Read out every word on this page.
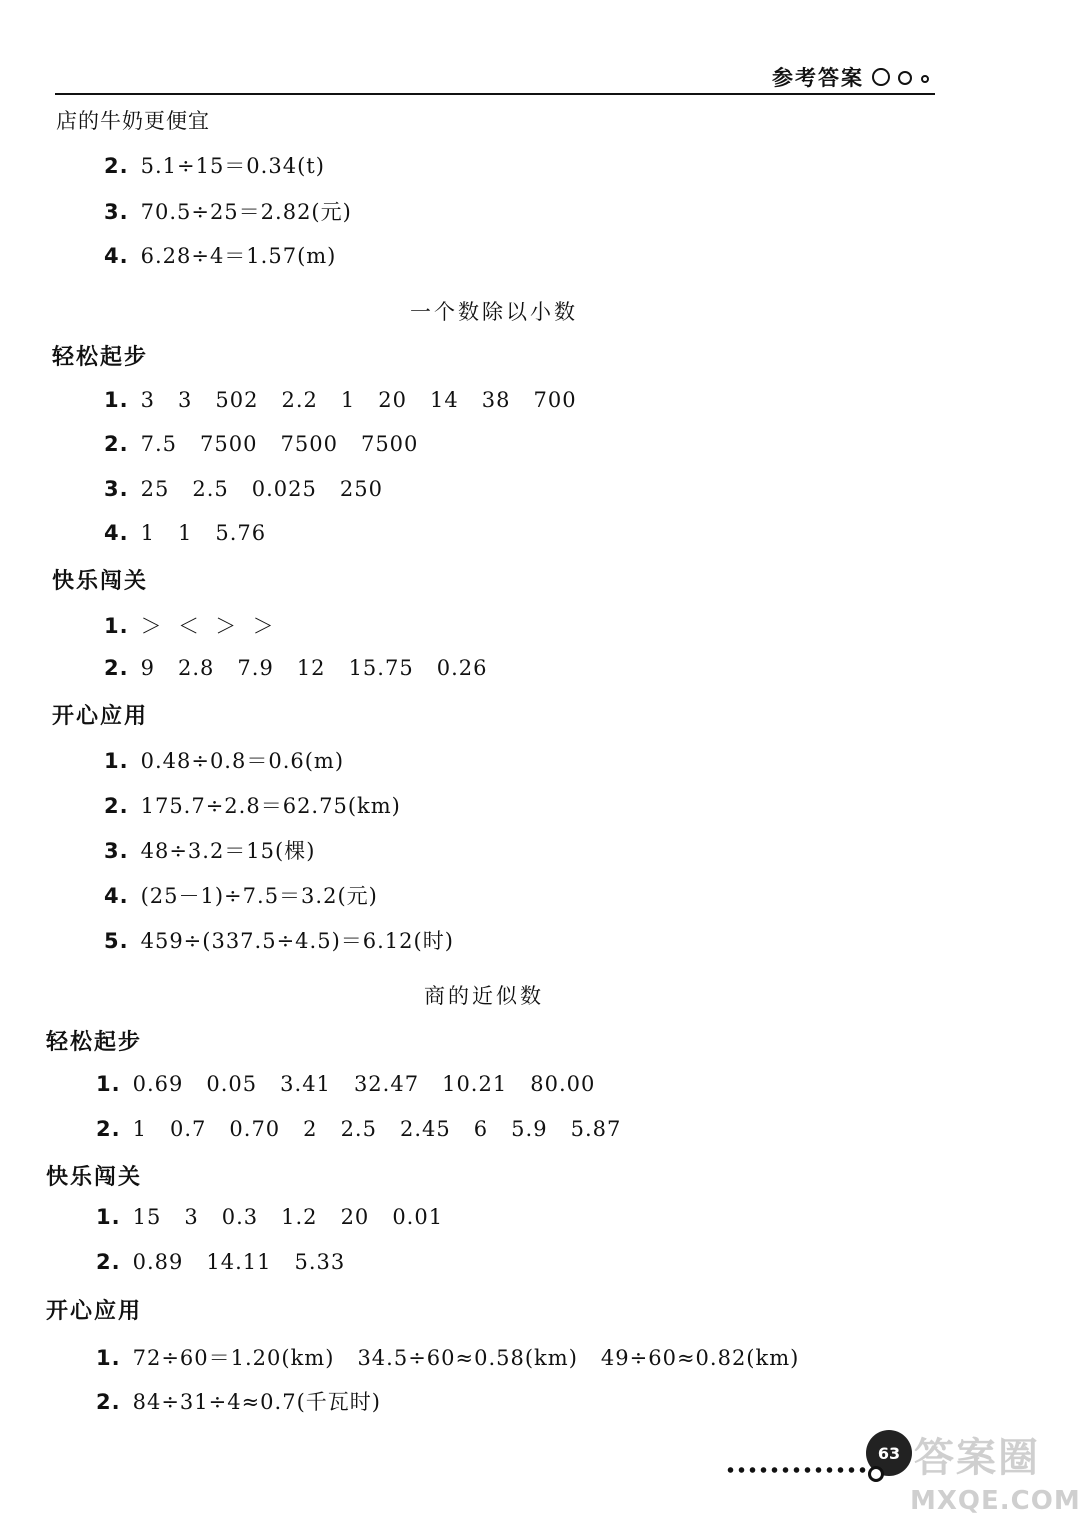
参考答案
店的牛奶更便宜
2. 5.1÷15＝0.34(t)
3. 70.5÷25＝2.82(元)
4. 6.28÷4＝1.57(m)
一个数除以小数
轻松起步
1. 3   3   502   2.2   1   20   14   38   700
2. 7.5   7500   7500   7500
3. 25   2.5   0.025   250
4. 1   1   5.76
快乐闯关
1. ＞  ＜  ＞  ＞
2. 9   2.8   7.9   12   15.75   0.26
开心应用
1. 0.48÷0.8＝0.6(m)
2. 175.7÷2.8＝62.75(km)
3. 48÷3.2＝15(棵)
4. (25－1)÷7.5＝3.2(元)
5. 459÷(337.5÷4.5)＝6.12(时)
商的近似数
轻松起步
1. 0.69   0.05   3.41   32.47   10.21   80.00
2. 1   0.7   0.70   2   2.5   2.45   6   5.9   5.87
快乐闯关
1. 15   3   0.3   1.2   20   0.01
2. 0.89   14.11   5.33
开心应用
1. 72÷60＝1.20(km)   34.5÷60≈0.58(km)   49÷60≈0.82(km)
2. 84÷31÷4≈0.7(千瓦时)
63 答案圈
MXQE.COM
